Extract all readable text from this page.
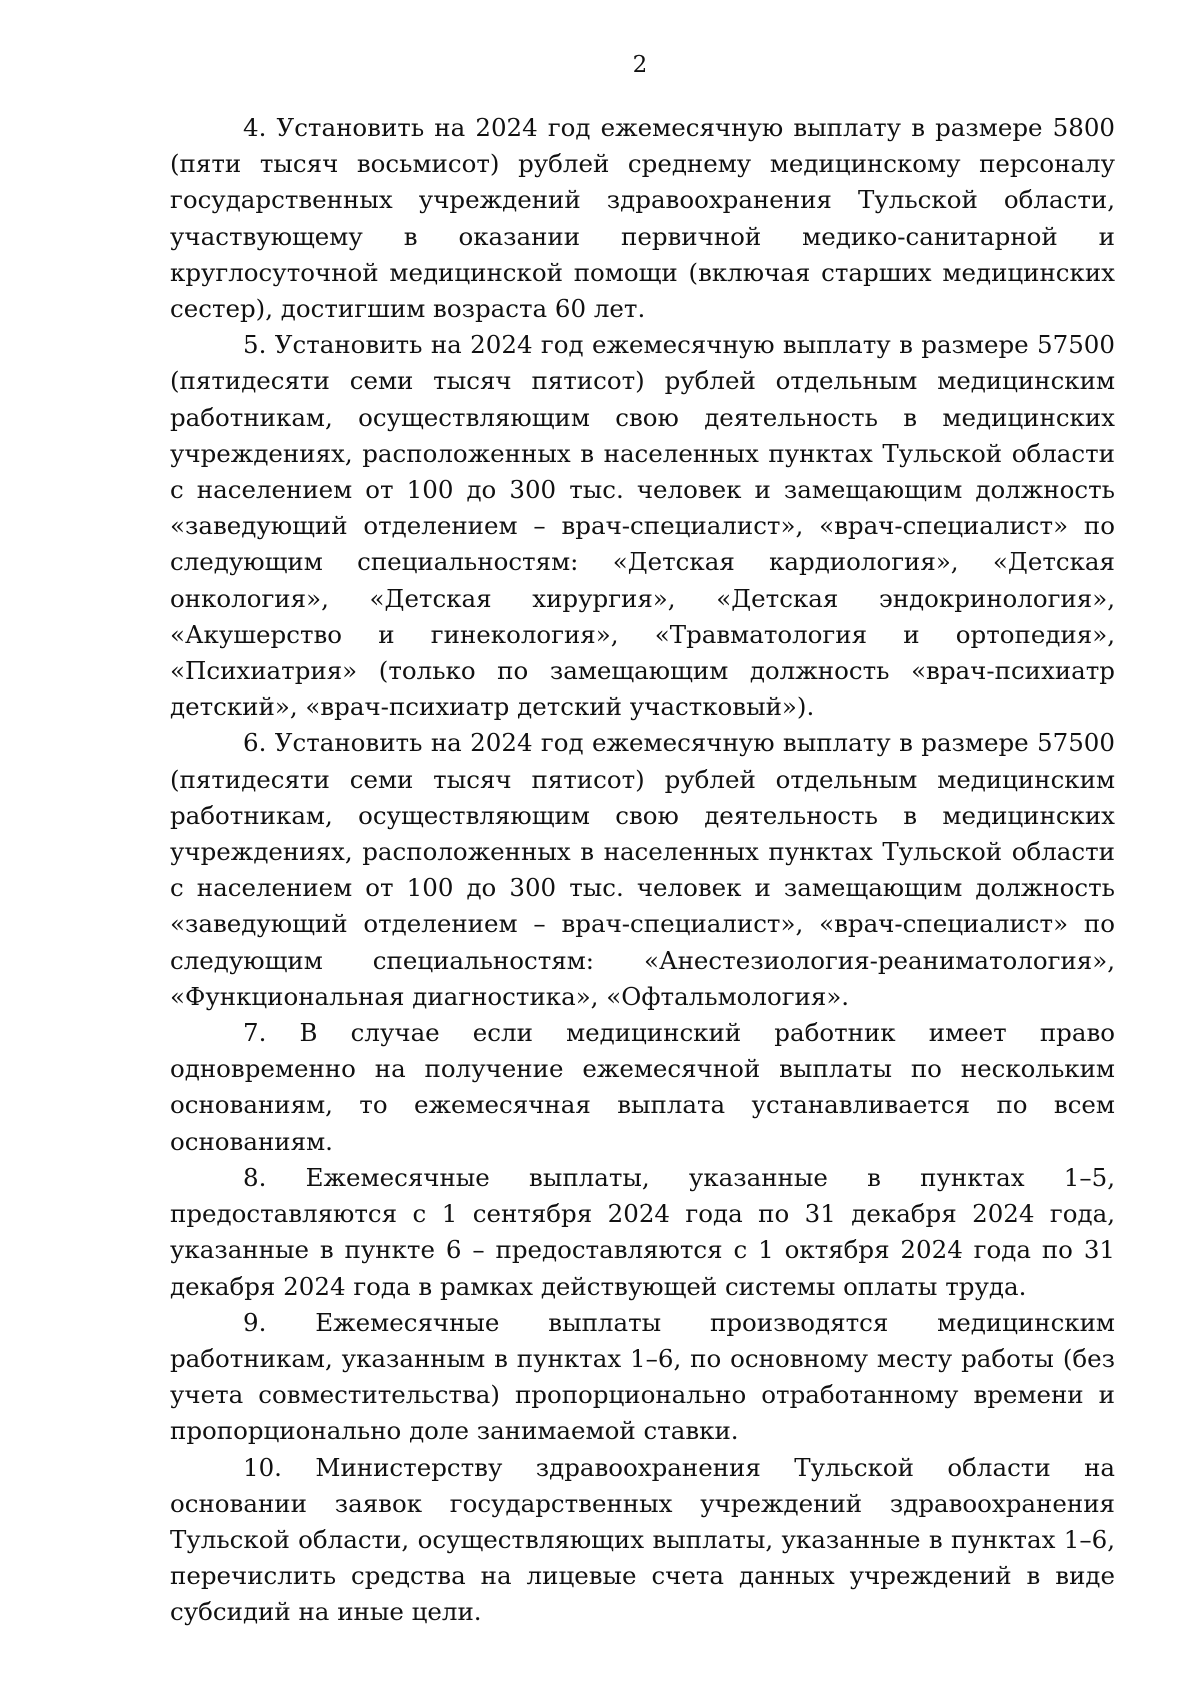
2

4. Установить на 2024 год ежемесячную выплату в размере 5800 (пяти тысяч восьмисот) рублей среднему медицинскому персоналу государственных учреждений здравоохранения Тульской области, участвующему в оказании первичной медико-санитарной и круглосуточной медицинской помощи (включая старших медицинских сестер), достигшим возраста 60 лет.

5. Установить на 2024 год ежемесячную выплату в размере 57500 (пятидесяти семи тысяч пятисот) рублей отдельным медицинским работникам, осуществляющим свою деятельность в медицинских учреждениях, расположенных в населенных пунктах Тульской области с населением от 100 до 300 тыс. человек и замещающим должность «заведующий отделением – врач-специалист», «врач-специалист» по следующим специальностям: «Детская кардиология», «Детская онкология», «Детская хирургия», «Детская эндокринология», «Акушерство и гинекология», «Травматология и ортопедия», «Психиатрия» (только по замещающим должность «врач-психиатр детский», «врач-психиатр детский участковый»).

6. Установить на 2024 год ежемесячную выплату в размере 57500 (пятидесяти семи тысяч пятисот) рублей отдельным медицинским работникам, осуществляющим свою деятельность в медицинских учреждениях, расположенных в населенных пунктах Тульской области с населением от 100 до 300 тыс. человек и замещающим должность «заведующий отделением – врач-специалист», «врач-специалист» по следующим специальностям: «Анестезиология-реаниматология», «Функциональная диагностика», «Офтальмология».

7. В случае если медицинский работник имеет право одновременно на получение ежемесячной выплаты по нескольким основаниям, то ежемесячная выплата устанавливается по всем основаниям.

8. Ежемесячные выплаты, указанные в пунктах 1–5, предоставляются с 1 сентября 2024 года по 31 декабря 2024 года, указанные в пункте 6 – предоставляются с 1 октября 2024 года по 31 декабря 2024 года в рамках действующей системы оплаты труда.

9. Ежемесячные выплаты производятся медицинским работникам, указанным в пунктах 1–6, по основному месту работы (без учета совместительства) пропорционально отработанному времени и пропорционально доле занимаемой ставки.

10. Министерству здравоохранения Тульской области на основании заявок государственных учреждений здравоохранения Тульской области, осуществляющих выплаты, указанные в пунктах 1–6, перечислить средства на лицевые счета данных учреждений в виде субсидий на иные цели.
